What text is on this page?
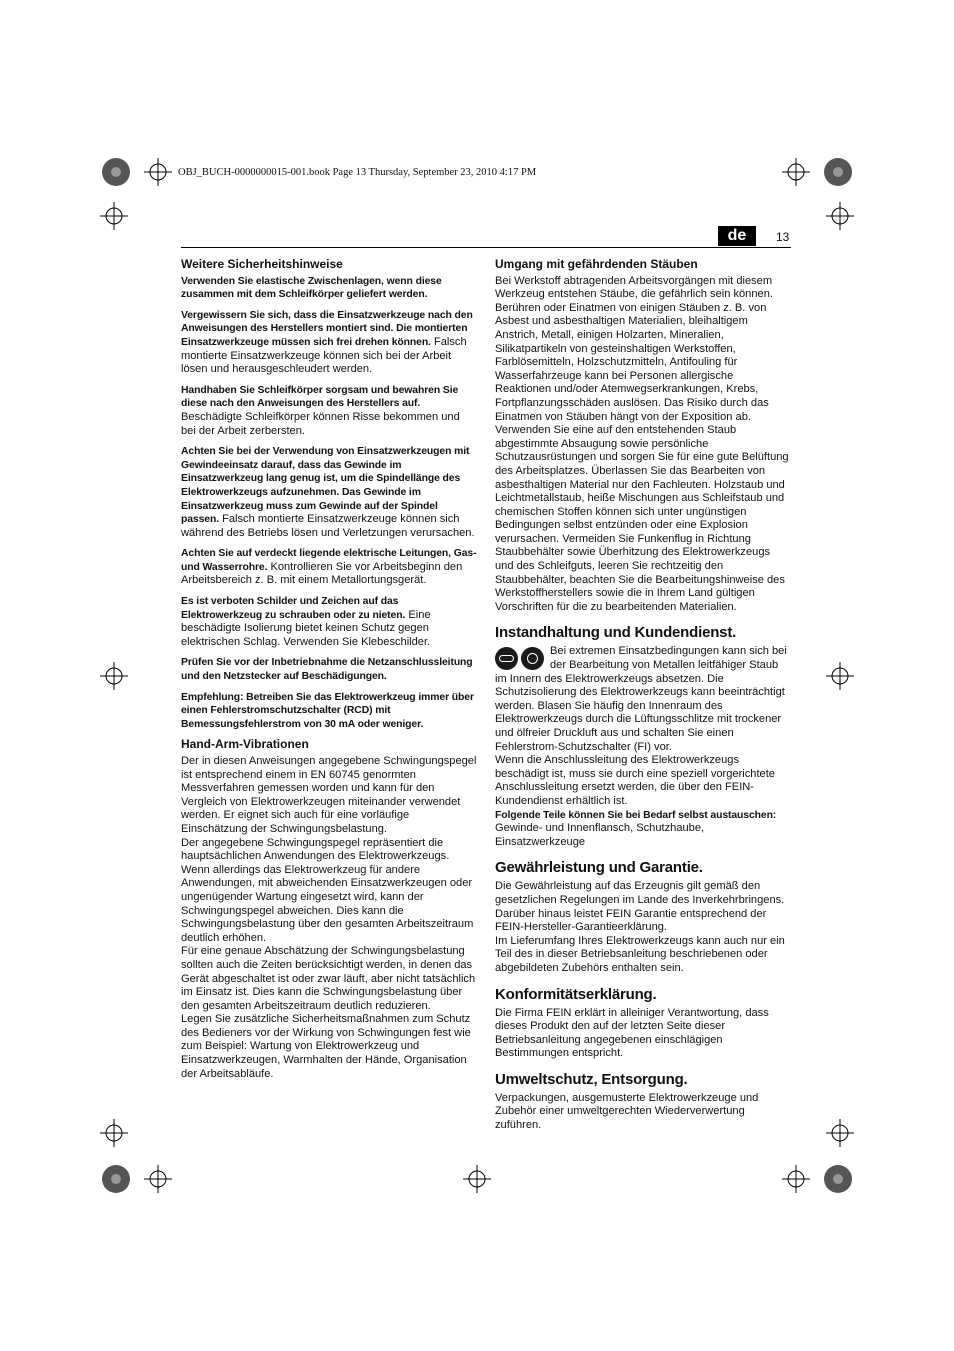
OBJ_BUCH-0000000015-001.book Page 13 Thursday, September 23, 2010 4:17 PM
de	13
Weitere Sicherheitshinweise

Verwenden Sie elastische Zwischenlagen, wenn diese zusammen mit dem Schleifkörper geliefert werden.

Vergewissern Sie sich, dass die Einsatzwerkzeuge nach den Anweisungen des Herstellers montiert sind. Die montierten Einsatzwerkzeuge müssen sich frei drehen können. Falsch montierte Einsatzwerkzeuge können sich bei der Arbeit lösen und herausgeschleudert werden.

Handhaben Sie Schleifkörper sorgsam und bewahren Sie diese nach den Anweisungen des Herstellers auf. Beschädigte Schleifkörper können Risse bekommen und bei der Arbeit zerbersten.

Achten Sie bei der Verwendung von Einsatzwerkzeugen mit Gewindeeinsatz darauf, dass das Gewinde im Einsatzwerkzeug lang genug ist, um die Spindellänge des Elektrowerkzeugs aufzunehmen. Das Gewinde im Einsatzwerkzeug muss zum Gewinde auf der Spindel passen. Falsch montierte Einsatzwerkzeuge können sich während des Betriebs lösen und Verletzungen verursachen.

Achten Sie auf verdeckt liegende elektrische Leitungen, Gas- und Wasserrohre. Kontrollieren Sie vor Arbeitsbeginn den Arbeitsbereich z. B. mit einem Metallortungsgerät.

Es ist verboten Schilder und Zeichen auf das Elektrowerkzeug zu schrauben oder zu nieten. Eine beschädigte Isolierung bietet keinen Schutz gegen elektrischen Schlag. Verwenden Sie Klebeschilder.

Prüfen Sie vor der Inbetriebnahme die Netzanschlussleitung und den Netzstecker auf Beschädigungen.

Empfehlung: Betreiben Sie das Elektrowerkzeug immer über einen Fehlerstromschutzschalter (RCD) mit Bemessungsfehlerstrom von 30 mA oder weniger.

Hand-Arm-Vibrationen

Der in diesen Anweisungen angegebene Schwingungspegel ist entsprechend einem in EN 60745 genormten Messverfahren gemessen worden und kann für den Vergleich von Elektrowerkzeugen miteinander verwendet werden. Er eignet sich auch für eine vorläufige Einschätzung der Schwingungsbelastung.

Der angegebene Schwingungspegel repräsentiert die hauptsächlichen Anwendungen des Elektrowerkzeugs. Wenn allerdings das Elektrowerkzeug für andere Anwendungen, mit abweichenden Einsatzwerkzeugen oder ungenügender Wartung eingesetzt wird, kann der Schwingungspegel abweichen. Dies kann die Schwingungsbelastung über den gesamten Arbeitszeitraum deutlich erhöhen.

Für eine genaue Abschätzung der Schwingungsbelastung sollten auch die Zeiten berücksichtigt werden, in denen das Gerät abgeschaltet ist oder zwar läuft, aber nicht tatsächlich im Einsatz ist. Dies kann die Schwingungsbelastung über den gesamten Arbeitszeitraum deutlich reduzieren.

Legen Sie zusätzliche Sicherheitsmaßnahmen zum Schutz des Bedieners vor der Wirkung von Schwingungen fest wie zum Beispiel: Wartung von Elektrowerkzeug und Einsatzwerkzeugen, Warmhalten der Hände, Organisation der Arbeitsabläufe.

Umgang mit gefährdenden Stäuben

Bei Werkstoff abtragenden Arbeitsvorgängen mit diesem Werkzeug entstehen Stäube, die gefährlich sein können. Berühren oder Einatmen von einigen Stäuben z. B. von Asbest und asbesthaltigen Materialien, bleihaltigem Anstrich, Metall, einigen Holzarten, Mineralien, Silikatpartikeln von gesteinshaltigen Werkstoffen, Farblösemitteln, Holzschutzmitteln, Antifouling für Wasserfahrzeuge kann bei Personen allergische Reaktionen und/oder Atemwegserkrankungen, Krebs, Fortpflanzungsschäden auslösen. Das Risiko durch das Einatmen von Stäuben hängt von der Exposition ab. Verwenden Sie eine auf den entstehenden Staub abgestimmte Absaugung sowie persönliche Schutzausrüstungen und sorgen Sie für eine gute Belüftung des Arbeitsplatzes. Überlassen Sie das Bearbeiten von asbesthaltigen Material nur den Fachleuten. Holzstaub und Leichtmetallstaub, heiße Mischungen aus Schleifstaub und chemischen Stoffen können sich unter ungünstigen Bedingungen selbst entzünden oder eine Explosion verursachen. Vermeiden Sie Funkenflug in Richtung Staubbehälter sowie Überhitzung des Elektrowerkzeugs und des Schleifguts, leeren Sie rechtzeitig den Staubbehälter, beachten Sie die Bearbeitungshinweise des Werkstoffherstellers sowie die in Ihrem Land gültigen Vorschriften für die zu bearbeitenden Materialien.

Instandhaltung und Kundendienst.

Bei extremen Einsatzbedingungen kann sich bei der Bearbeitung von Metallen leitfähiger Staub im Innern des Elektrowerkzeugs absetzen. Die Schutzisolierung des Elektrowerkzeugs kann beeinträchtigt werden. Blasen Sie häufig den Innenraum des Elektrowerkzeugs durch die Lüftungsschlitze mit trockener und ölfreier Druckluft aus und schalten Sie einen Fehlerstrom-Schutzschalter (FI) vor.

Wenn die Anschlussleitung des Elektrowerkzeugs beschädigt ist, muss sie durch eine speziell vorgerichtete Anschlussleitung ersetzt werden, die über den FEIN-Kundendienst erhältlich ist.

Folgende Teile können Sie bei Bedarf selbst austauschen: Gewinde- und Innenflansch, Schutzhaube, Einsatzwerkzeuge

Gewährleistung und Garantie.

Die Gewährleistung auf das Erzeugnis gilt gemäß den gesetzlichen Regelungen im Lande des Inverkehrbringens. Darüber hinaus leistet FEIN Garantie entsprechend der FEIN-Hersteller-Garantieerklärung.

Im Lieferumfang Ihres Elektrowerkzeugs kann auch nur ein Teil des in dieser Betriebsanleitung beschriebenen oder abgebildeten Zubehörs enthalten sein.

Konformitätserklärung.

Die Firma FEIN erklärt in alleiniger Verantwortung, dass dieses Produkt den auf der letzten Seite dieser Betriebsanleitung angegebenen einschlägigen Bestimmungen entspricht.

Umweltschutz, Entsorgung.

Verpackungen, ausgemusterte Elektrowerkzeuge und Zubehör einer umweltgerechten Wiederverwertung zuführen.
